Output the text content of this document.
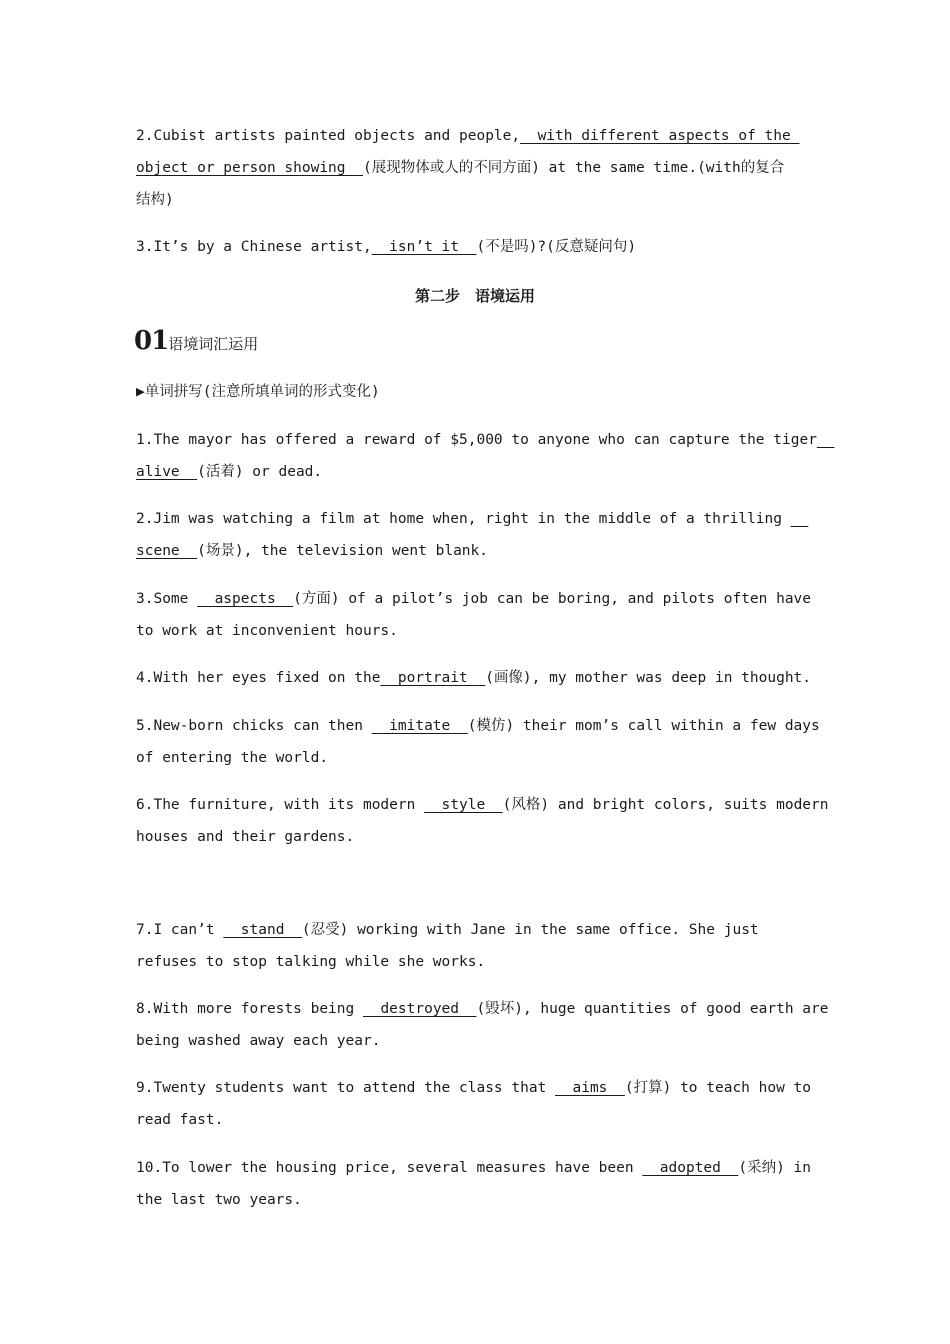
2.Cubist artists painted objects and people,  with different aspects of the
object or person showing  (展现物体或人的不同方面) at the same time.(with的复合
结构)
3.It’s by a Chinese artist,  isn’t it  (不是吗)?(反意疑问句)
第二步　语境运用
01语境词汇运用
▶单词拼写(注意所填单词的形式变化)
1.The mayor has offered a reward of $5,000 to anyone who can capture the tiger__
alive  (活着) or dead.
2.Jim was watching a film at home when, right in the middle of a thrilling __
scene  (场景), the television went blank.
3.Some   aspects  (方面) of a pilot’s job can be boring, and pilots often have
to work at inconvenient hours.
4.With her eyes fixed on the  portrait  (画像), my mother was deep in thought.
5.New-born chicks can then   imitate  (模仿) their mom’s call within a few days
of entering the world.
6.The furniture, with its modern   style  (风格) and bright colors, suits modern
houses and their gardens.
7.I can’t   stand  (忍受) working with Jane in the same office. She just
refuses to stop talking while she works.
8.With more forests being   destroyed  (毁坏), huge quantities of good earth are
being washed away each year.
9.Twenty students want to attend the class that   aims  (打算) to teach how to
read fast.
10.To lower the housing price, several measures have been   adopted  (采纳) in
the last two years.
